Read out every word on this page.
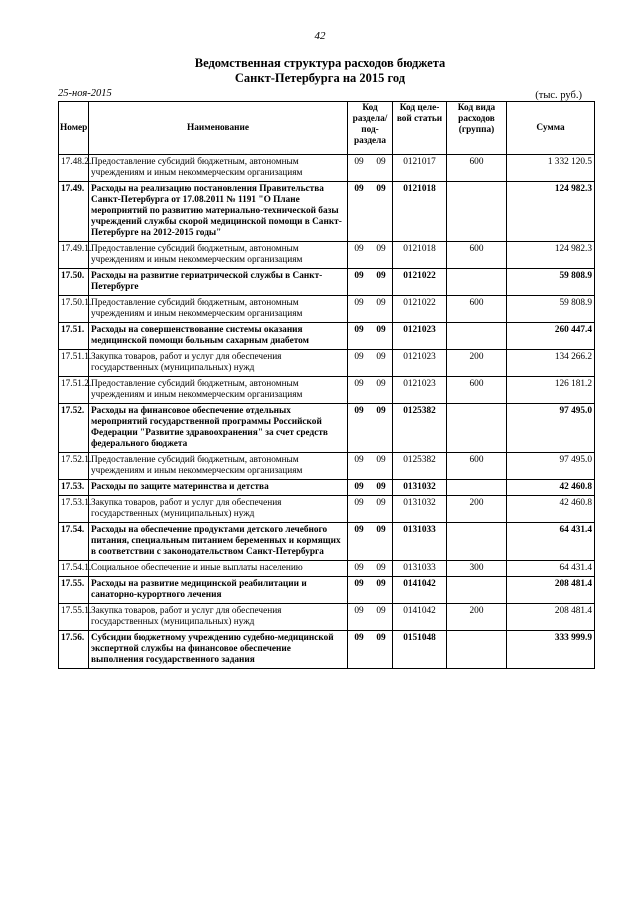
42
Ведомственная структура расходов бюджета
Санкт-Петербурга на 2015 год
25-ноя-2015	(тыс. руб.)
Номер	Наименование	Код раздела/ под- раздела	Код целе- вой статьи	Код вида расходов (группа)	Сумма
17.48.2.	Предоставление субсидий бюджетным, автономным учреждениям и иным некоммерческим организациям	09 09	0121017	600	1 332 120.5
17.49.	Расходы на реализацию постановления Правительства Санкт-Петербурга от 17.08.2011 № 1191 "О Плане мероприятий по развитию материально-технической базы учреждений службы скорой медицинской помощи в Санкт-Петербурге на 2012-2015 годы"	09 09	0121018		124 982.3
17.49.1.	Предоставление субсидий бюджетным, автономным учреждениям и иным некоммерческим организациям	09 09	0121018	600	124 982.3
17.50.	Расходы на развитие гериатрической службы в Санкт-Петербурге	09 09	0121022		59 808.9
17.50.1.	Предоставление субсидий бюджетным, автономным учреждениям и иным некоммерческим организациям	09 09	0121022	600	59 808.9
17.51.	Расходы на совершенствование системы оказания медицинской помощи больным сахарным диабетом	09 09	0121023		260 447.4
17.51.1.	Закупка товаров, работ и услуг для обеспечения государственных (муниципальных) нужд	09 09	0121023	200	134 266.2
17.51.2.	Предоставление субсидий бюджетным, автономным учреждениям и иным некоммерческим организациям	09 09	0121023	600	126 181.2
17.52.	Расходы на финансовое обеспечение отдельных мероприятий государственной программы Российской Федерации "Развитие здравоохранения" за счет средств федерального бюджета	09 09	0125382		97 495.0
17.52.1.	Предоставление субсидий бюджетным, автономным учреждениям и иным некоммерческим организациям	09 09	0125382	600	97 495.0
17.53.	Расходы по защите материнства и детства	09 09	0131032		42 460.8
17.53.1.	Закупка товаров, работ и услуг для обеспечения государственных (муниципальных) нужд	09 09	0131032	200	42 460.8
17.54.	Расходы на обеспечение продуктами детского лечебного питания, специальным питанием беременных и кормящих в соответствии с законодательством Санкт-Петербурга	09 09	0131033		64 431.4
17.54.1.	Социальное обеспечение и иные выплаты населению	09 09	0131033	300	64 431.4
17.55.	Расходы на развитие медицинской реабилитации и санаторно-курортного лечения	09 09	0141042		208 481.4
17.55.1.	Закупка товаров, работ и услуг для обеспечения государственных (муниципальных) нужд	09 09	0141042	200	208 481.4
17.56.	Субсидии бюджетному учреждению судебно-медицинской экспертной службы на финансовое обеспечение выполнения государственного задания	09 09	0151048		333 999.9
